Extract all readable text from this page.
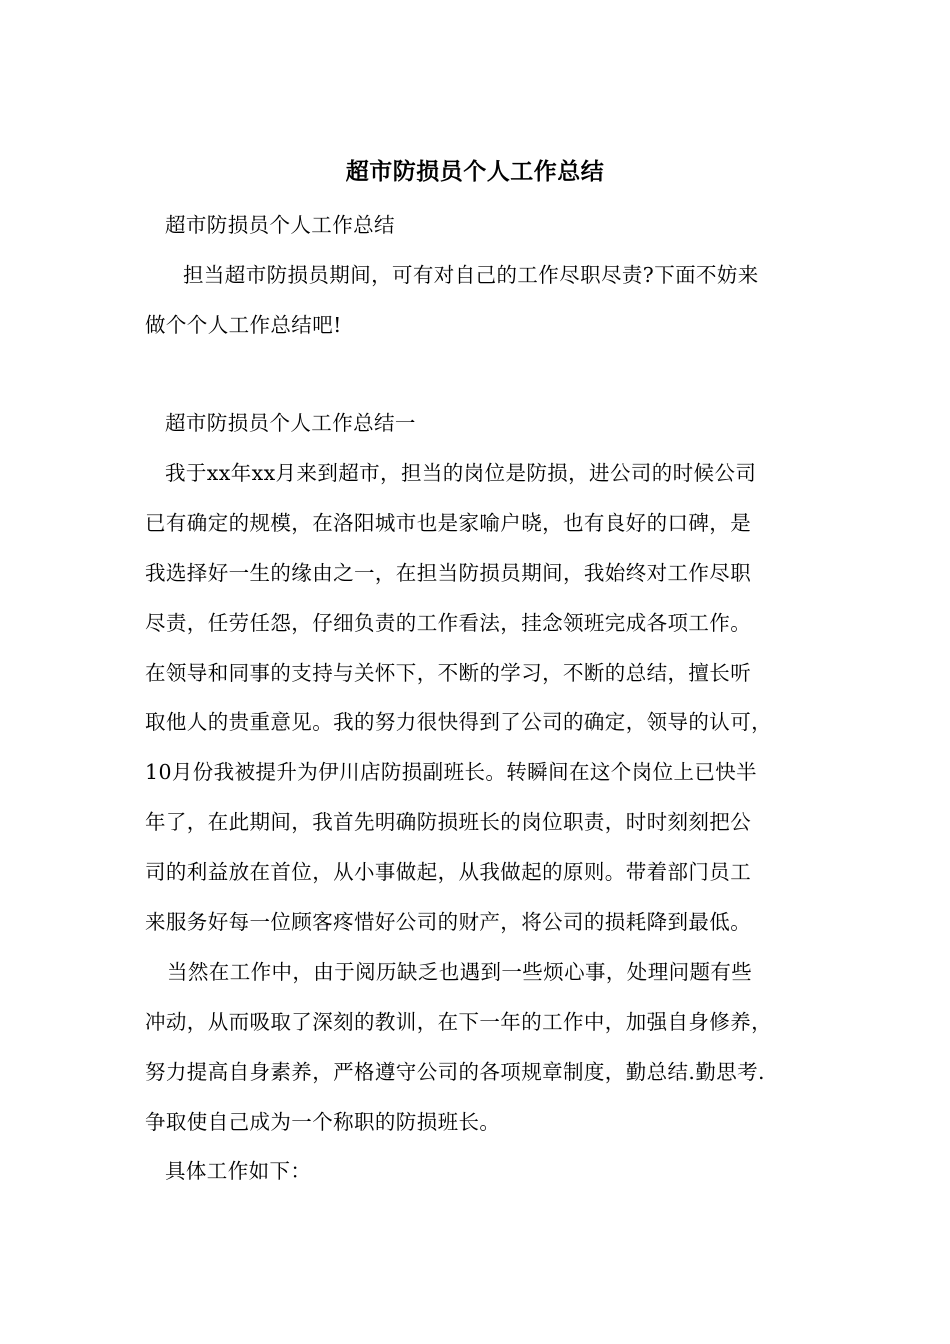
超市防损员个人工作总结
超市防损员个人工作总结
担当超市防损员期间，可有对自己的工作尽职尽责?下面不妨来
做个个人工作总结吧!
超市防损员个人工作总结一
我于xx年xx月来到超市，担当的岗位是防损，进公司的时候公司
已有确定的规模，在洛阳城市也是家喻户晓，也有良好的口碑，是
我选择好一生的缘由之一，在担当防损员期间，我始终对工作尽职
尽责，任劳任怨，仔细负责的工作看法，挂念领班完成各项工作。
在领导和同事的支持与关怀下，不断的学习，不断的总结，擅长听
取他人的贵重意见。我的努力很快得到了公司的确定，领导的认可，
10月份我被提升为伊川店防损副班长。转瞬间在这个岗位上已快半
年了，在此期间，我首先明确防损班长的岗位职责，时时刻刻把公
司的利益放在首位，从小事做起，从我做起的原则。带着部门员工
来服务好每一位顾客疼惜好公司的财产，将公司的损耗降到最低。
当然在工作中，由于阅历缺乏也遇到一些烦心事，处理问题有些
冲动，从而吸取了深刻的教训，在下一年的工作中，加强自身修养，
努力提高自身素养，严格遵守公司的各项规章制度，勤总结.勤思考.
争取使自己成为一个称职的防损班长。
具体工作如下：
